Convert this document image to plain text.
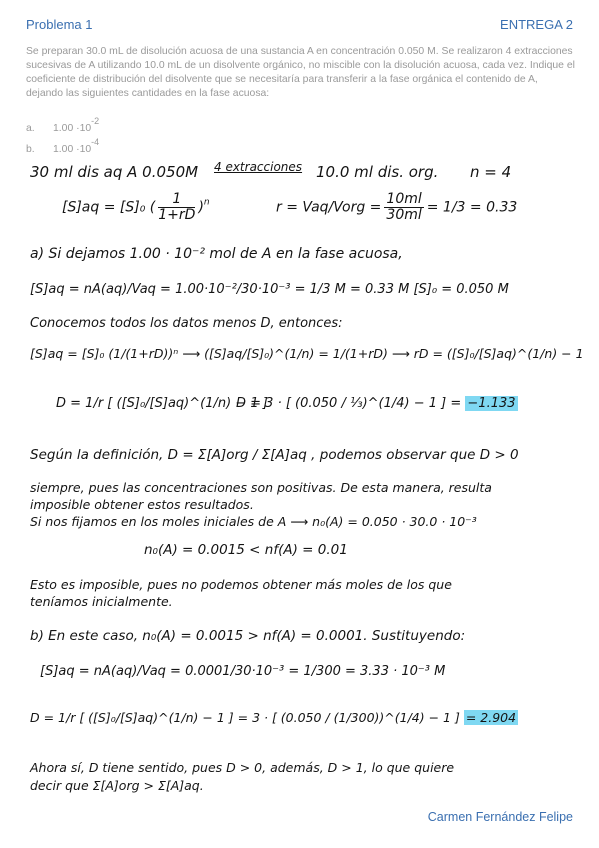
Problema 1	ENTREGA 2
Se preparan 30.0 mL de disolución acuosa de una sustancia A en concentración 0.050 M. Se realizaron 4 extracciones sucesivas de A utilizando 10.0 mL de un disolvente orgánico, no miscible con la disolución acuosa, cada vez. Indique el coeficiente de distribución del disolvente que se necesitaría para transferir a la fase orgánica el contenido de A, dejando las siguientes cantidades en la fase acuosa:
a. 1.00 ·10-2
b. 1.00 ·10-4
30 ml dis aq A 0.050M 4 extracciones 10.0 ml dis. org. n = 4
[S]aq = [S]₀ ( $\frac{1}{1+rD} )^n$	r = Vaq/Vorg = $\frac{10ml}{30ml} = 1/3 = 0.33$
a) Si dejamos 1.00 · 10⁻² mol de A en la fase acuosa,
[S]aq = nA(aq)/Vaq = 1.00·10⁻²/30·10⁻³ = 1/3 M = 0.33 M [S]₀ = 0.050 M
Conocemos todos los datos menos D, entonces:
[S]aq = [S]₀ (1/(1+rD))ⁿ ⟶ ([S]aq/[S]₀)^(1/n) = 1/(1+rD) ⟶ rD = ([S]₀/[S]aq)^(1/n) − 1
D = 1/r [ ([S]₀/[S]aq)^(1/n) − 1 ]
D = 3 · [ (0.050 / ⅓)^(1/4) − 1 ] = −1.133
Según la definición, D = Σ[A]org / Σ[A]aq , podemos observar que D > 0
siempre, pues las concentraciones son positivas. De esta manera, resulta
imposible obtener estos resultados.
Si nos fijamos en los moles iniciales de A ⟶ n₀(A) = 0.050 · 30.0 · 10⁻³
n₀(A) = 0.0015 < nf(A) = 0.01
Esto es imposible, pues no podemos obtener más moles de los que
teníamos inicialmente.
b) En este caso, n₀(A) = 0.0015 > nf(A) = 0.0001. Sustituyendo:
[S]aq = nA(aq)/Vaq = 0.0001/30·10⁻³ = 1/300 = 3.33 · 10⁻³ M
D = 1/r [ ([S]₀/[S]aq)^(1/n) − 1 ] = 3 · [ (0.050 / (1/300))^(1/4) − 1 ] = 2.904
Ahora sí, D tiene sentido, pues D > 0, además, D > 1, lo que quiere
decir que Σ[A]org > Σ[A]aq.
Carmen Fernández Felipe
